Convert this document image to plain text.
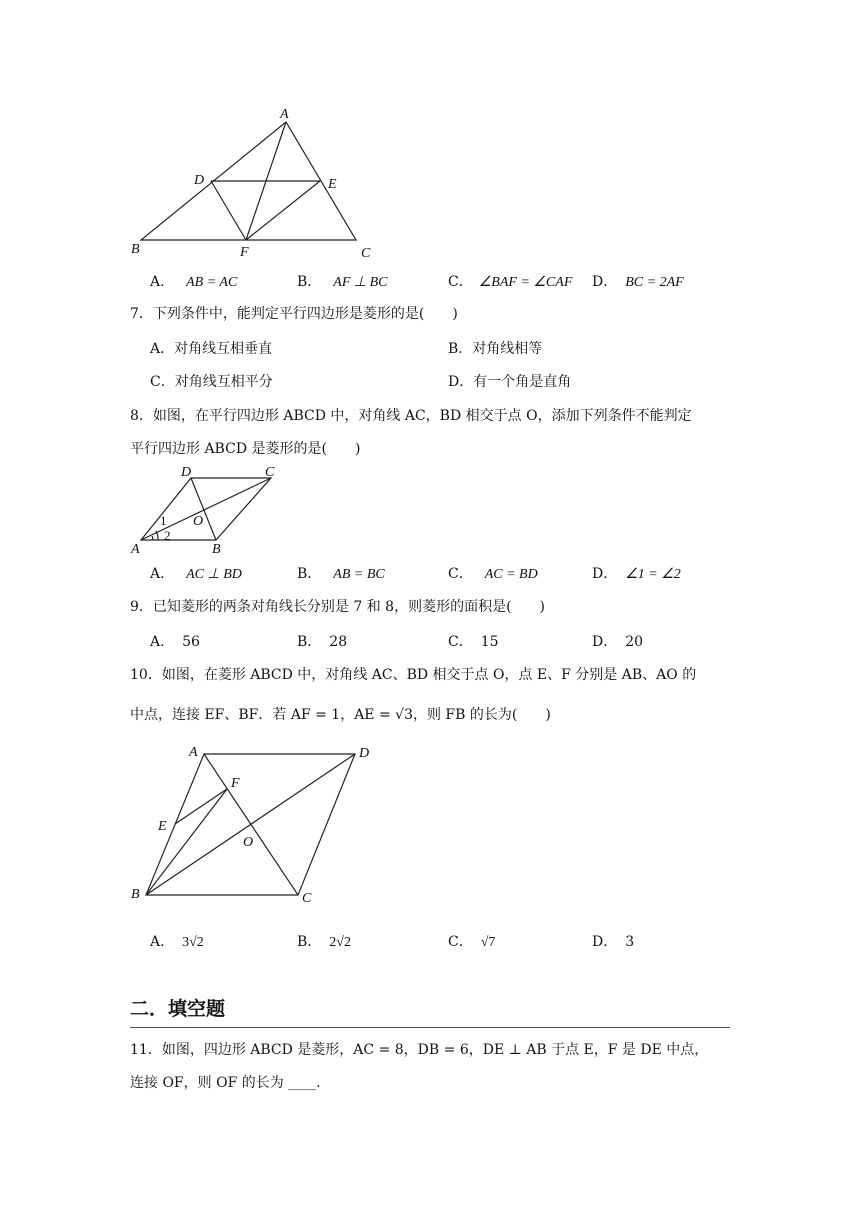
A
B	C
D	E
F
A	B
C
D
O
1
2
A
B	C
D
E
F
O
A． AB = AC	B． AF ⊥ BC	C． ∠BAF = ∠CAF D． BC = 2AF
7．下列条件中，能判定平行四边形是菱形的是(　　)
A．对角线互相垂直	B．对角线相等
C．对角线互相平分	D．有一个角是直角
8．如图，在平行四边形 ABCD 中，对角线 AC，BD 相交于点 O，添加下列条件不能判定
平行四边形 ABCD 是菱形的是(　　)
A． AC ⊥ BD	B． AB = BC	C． AC = BD	D． ∠1 = ∠2
9．已知菱形的两条对角线长分别是 7 和 8，则菱形的面积是(　　)
A． 56	B． 28	C． 15	D． 20
10．如图，在菱形 ABCD 中，对角线 AC、BD 相交于点 O，点 E、F 分别是 AB、AO 的
中点，连接 EF、BF．若 AF = 1，AE = √3，则 FB 的长为(　　)
A． 3√2	B． 2√2	C． √7	D． 3
二．填空题
11．如图，四边形 ABCD 是菱形，AC = 8，DB = 6，DE ⊥ AB 于点 E，F 是 DE 中点，
连接 OF，则 OF 的长为 ____.
